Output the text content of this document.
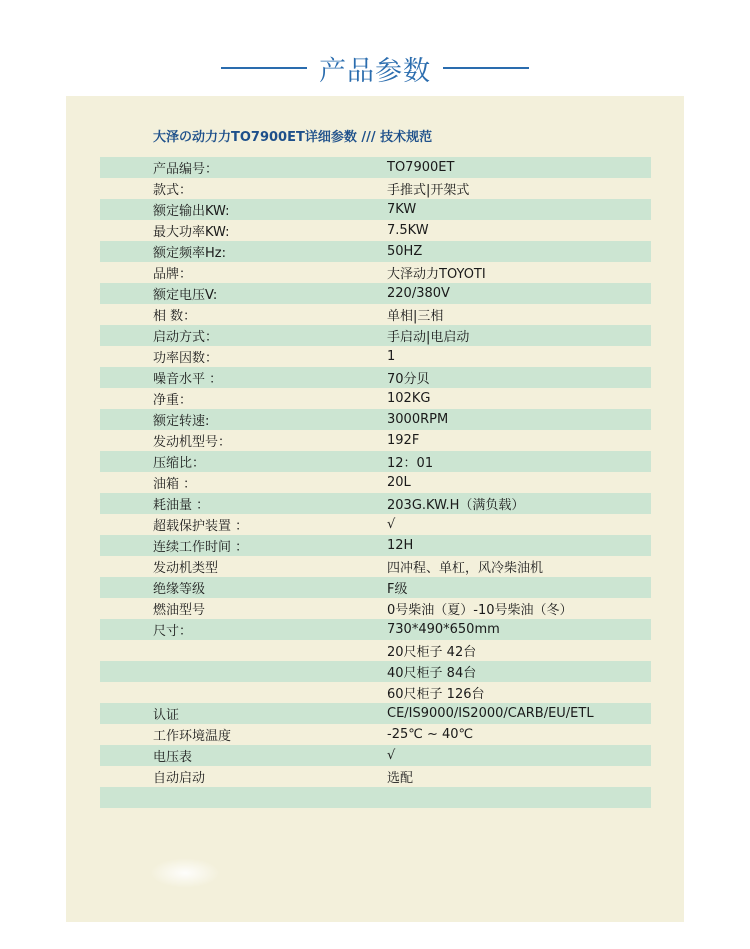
产品参数
大泽の动力力TO7900ET详细参数 /// 技术规范
产品编号：	TO7900ET
款式：	手推式|开架式
额定输出KW:	7KW
最大功率KW:	7.5KW
额定频率Hz:	50HZ
品牌：	大泽动力TOYOTI
额定电压V:	220/380V
相 数：	单相|三相
启动方式：	手启动|电启动
功率因数：	1
噪音水平 ：	70分贝
净重：	102KG
额定转速:	3000RPM
发动机型号：	192F
压缩比：	12：01
油箱 ：	20L
耗油量 ：	203G.KW.H（满负载）
超载保护装置 ：	√
连续工作时间 ：	12H
发动机类型	四冲程、单杠，风冷柴油机
绝缘等级	F级
燃油型号	0号柴油（夏）-10号柴油（冬）
尺寸：	730*490*650mm
20尺柜子 42台
40尺柜子 84台
60尺柜子 126台
认证	CE/IS9000/IS2000/CARB/EU/ETL
工作环境温度	-25℃ ~ 40℃
电压表	√
自动启动	选配
